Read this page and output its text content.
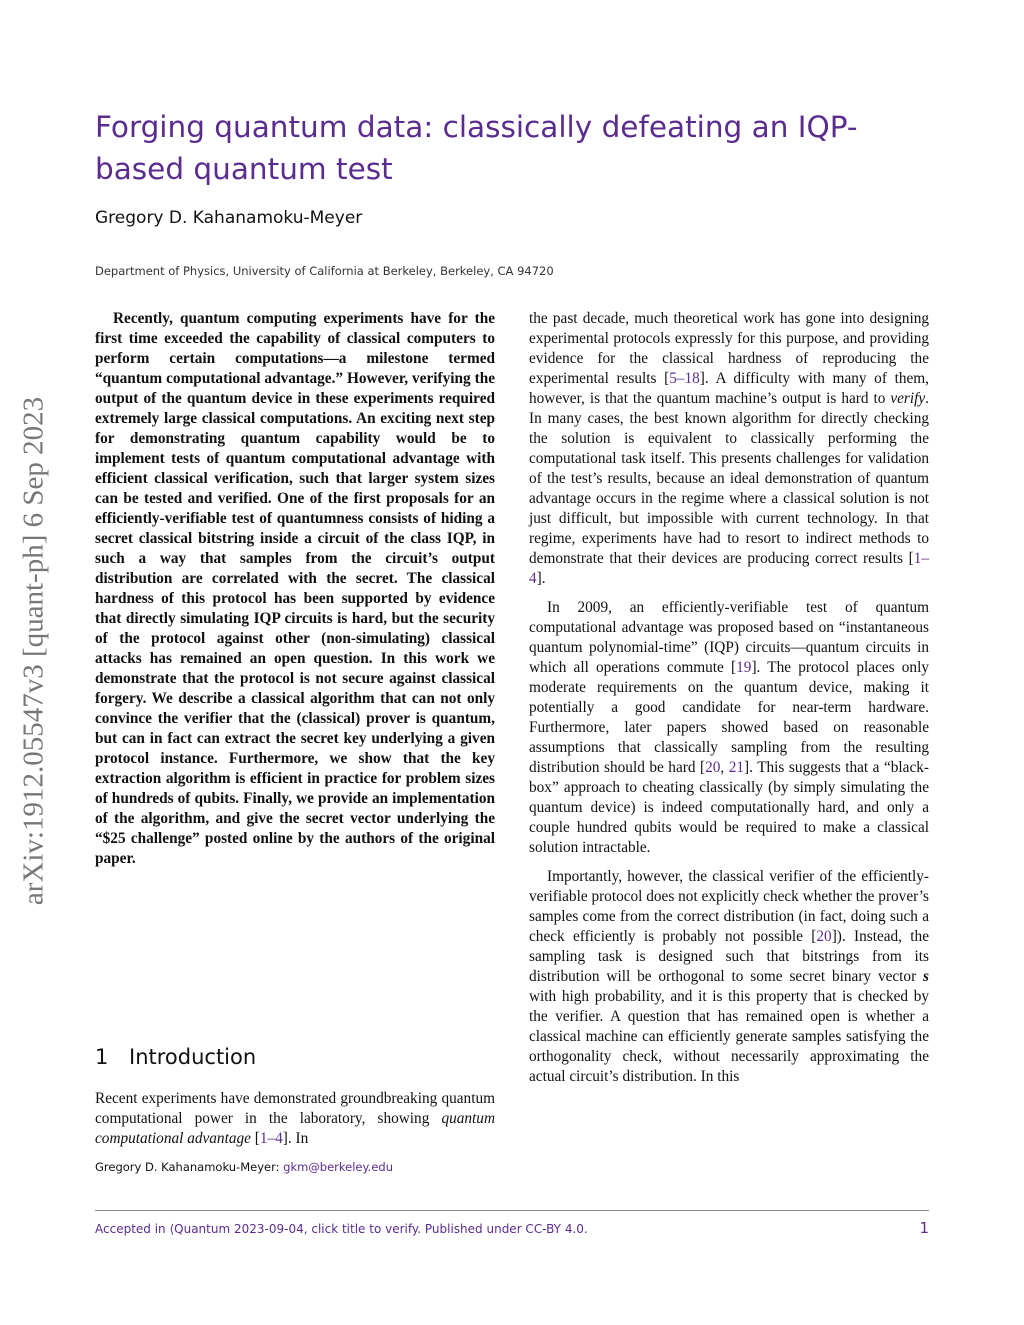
Forging quantum data: classically defeating an IQP-based quantum test
Gregory D. Kahanamoku-Meyer
Department of Physics, University of California at Berkeley, Berkeley, CA 94720
arXiv:1912.05547v3 [quant-ph] 6 Sep 2023
Recently, quantum computing experiments have for the first time exceeded the capability of classical computers to perform certain computations—a milestone termed “quantum computational advantage.” However, verifying the output of the quantum device in these experiments required extremely large classical computations. An exciting next step for demonstrating quantum capability would be to implement tests of quantum computational advantage with efficient classical verification, such that larger system sizes can be tested and verified. One of the first proposals for an efficiently-verifiable test of quantumness consists of hiding a secret classical bitstring inside a circuit of the class IQP, in such a way that samples from the circuit’s output distribution are correlated with the secret. The classical hardness of this protocol has been supported by evidence that directly simulating IQP circuits is hard, but the security of the protocol against other (non-simulating) classical attacks has remained an open question. In this work we demonstrate that the protocol is not secure against classical forgery. We describe a classical algorithm that can not only convince the verifier that the (classical) prover is quantum, but can in fact can extract the secret key underlying a given protocol instance. Furthermore, we show that the key extraction algorithm is efficient in practice for problem sizes of hundreds of qubits. Finally, we provide an implementation of the algorithm, and give the secret vector underlying the “$25 challenge” posted online by the authors of the original paper.
1 Introduction
Recent experiments have demonstrated groundbreaking quantum computational power in the laboratory, showing quantum computational advantage [1–4]. In
Gregory D. Kahanamoku-Meyer: gkm@berkeley.edu

the past decade, much theoretical work has gone into designing experimental protocols expressly for this purpose, and providing evidence for the classical hardness of reproducing the experimental results [5–18]. A difficulty with many of them, however, is that the quantum machine’s output is hard to verify. In many cases, the best known algorithm for directly checking the solution is equivalent to classically performing the computational task itself. This presents challenges for validation of the test’s results, because an ideal demonstration of quantum advantage occurs in the regime where a classical solution is not just difficult, but impossible with current technology. In that regime, experiments have had to resort to indirect methods to demonstrate that their devices are producing correct results [1–4].

In 2009, an efficiently-verifiable test of quantum computational advantage was proposed based on “instantaneous quantum polynomial-time” (IQP) circuits—quantum circuits in which all operations commute [19]. The protocol places only moderate requirements on the quantum device, making it potentially a good candidate for near-term hardware. Furthermore, later papers showed based on reasonable assumptions that classically sampling from the resulting distribution should be hard [20, 21]. This suggests that a “black-box” approach to cheating classically (by simply simulating the quantum device) is indeed computationally hard, and only a couple hundred qubits would be required to make a classical solution intractable.

Importantly, however, the classical verifier of the efficiently-verifiable protocol does not explicitly check whether the prover’s samples come from the correct distribution (in fact, doing such a check efficiently is probably not possible [20]). Instead, the sampling task is designed such that bitstrings from its distribution will be orthogonal to some secret binary vector s with high probability, and it is this property that is checked by the verifier. A question that has remained open is whether a classical machine can efficiently generate samples satisfying the orthogonality check, without necessarily approximating the actual circuit’s distribution. In this

Accepted in ⟨Quantum 2023-09-04, click title to verify. Published under CC-BY 4.0.	1
